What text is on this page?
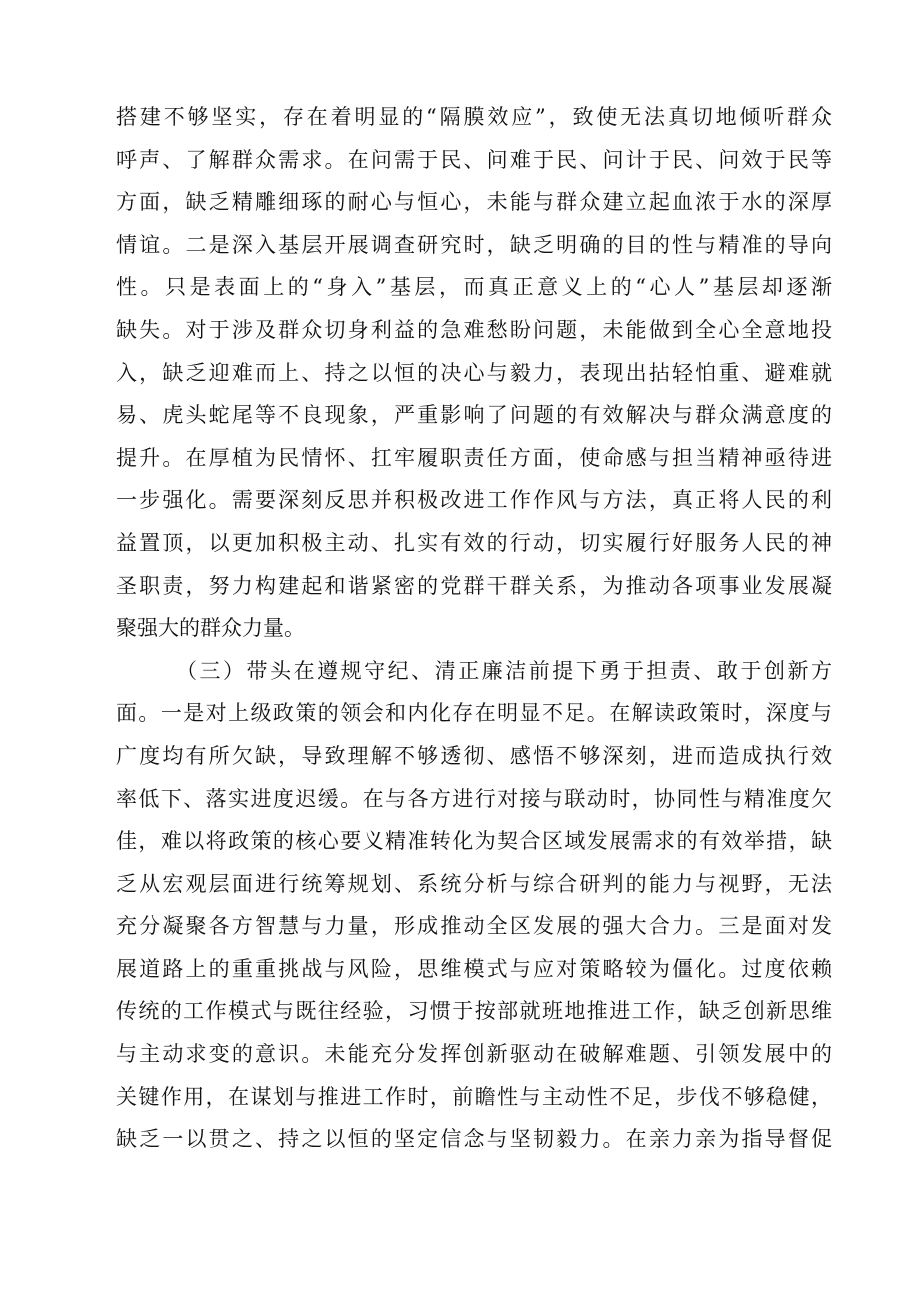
搭建不够坚实，存在着明显的“隔膜效应”，致使无法真切地倾听群众
呼声、了解群众需求。在问需于民、问难于民、问计于民、问效于民等
方面，缺乏精雕细琢的耐心与恒心，未能与群众建立起血浓于水的深厚
情谊。二是深入基层开展调查研究时，缺乏明确的目的性与精准的导向
性。只是表面上的“身入”基层，而真正意义上的“心人”基层却逐渐
缺失。对于涉及群众切身利益的急难愁盼问题，未能做到全心全意地投
入，缺乏迎难而上、持之以恒的决心与毅力，表现出拈轻怕重、避难就
易、虎头蛇尾等不良现象，严重影响了问题的有效解决与群众满意度的
提升。在厚植为民情怀、扛牢履职责任方面，使命感与担当精神亟待进
一步强化。需要深刻反思并积极改进工作作风与方法，真正将人民的利
益置顶，以更加积极主动、扎实有效的行动，切实履行好服务人民的神
圣职责，努力构建起和谐紧密的党群干群关系，为推动各项事业发展凝
聚强大的群众力量。
（三）带头在遵规守纪、清正廉洁前提下勇于担责、敢于创新方
面。一是对上级政策的领会和内化存在明显不足。在解读政策时，深度与
广度均有所欠缺，导致理解不够透彻、感悟不够深刻，进而造成执行效
率低下、落实进度迟缓。在与各方进行对接与联动时，协同性与精准度欠
佳，难以将政策的核心要义精准转化为契合区域发展需求的有效举措，缺
乏从宏观层面进行统筹规划、系统分析与综合研判的能力与视野，无法
充分凝聚各方智慧与力量，形成推动全区发展的强大合力。三是面对发
展道路上的重重挑战与风险，思维模式与应对策略较为僵化。过度依赖
传统的工作模式与既往经验，习惯于按部就班地推进工作，缺乏创新思维
与主动求变的意识。未能充分发挥创新驱动在破解难题、引领发展中的
关键作用，在谋划与推进工作时，前瞻性与主动性不足，步伐不够稳健，
缺乏一以贯之、持之以恒的坚定信念与坚韧毅力。在亲力亲为指导督促
